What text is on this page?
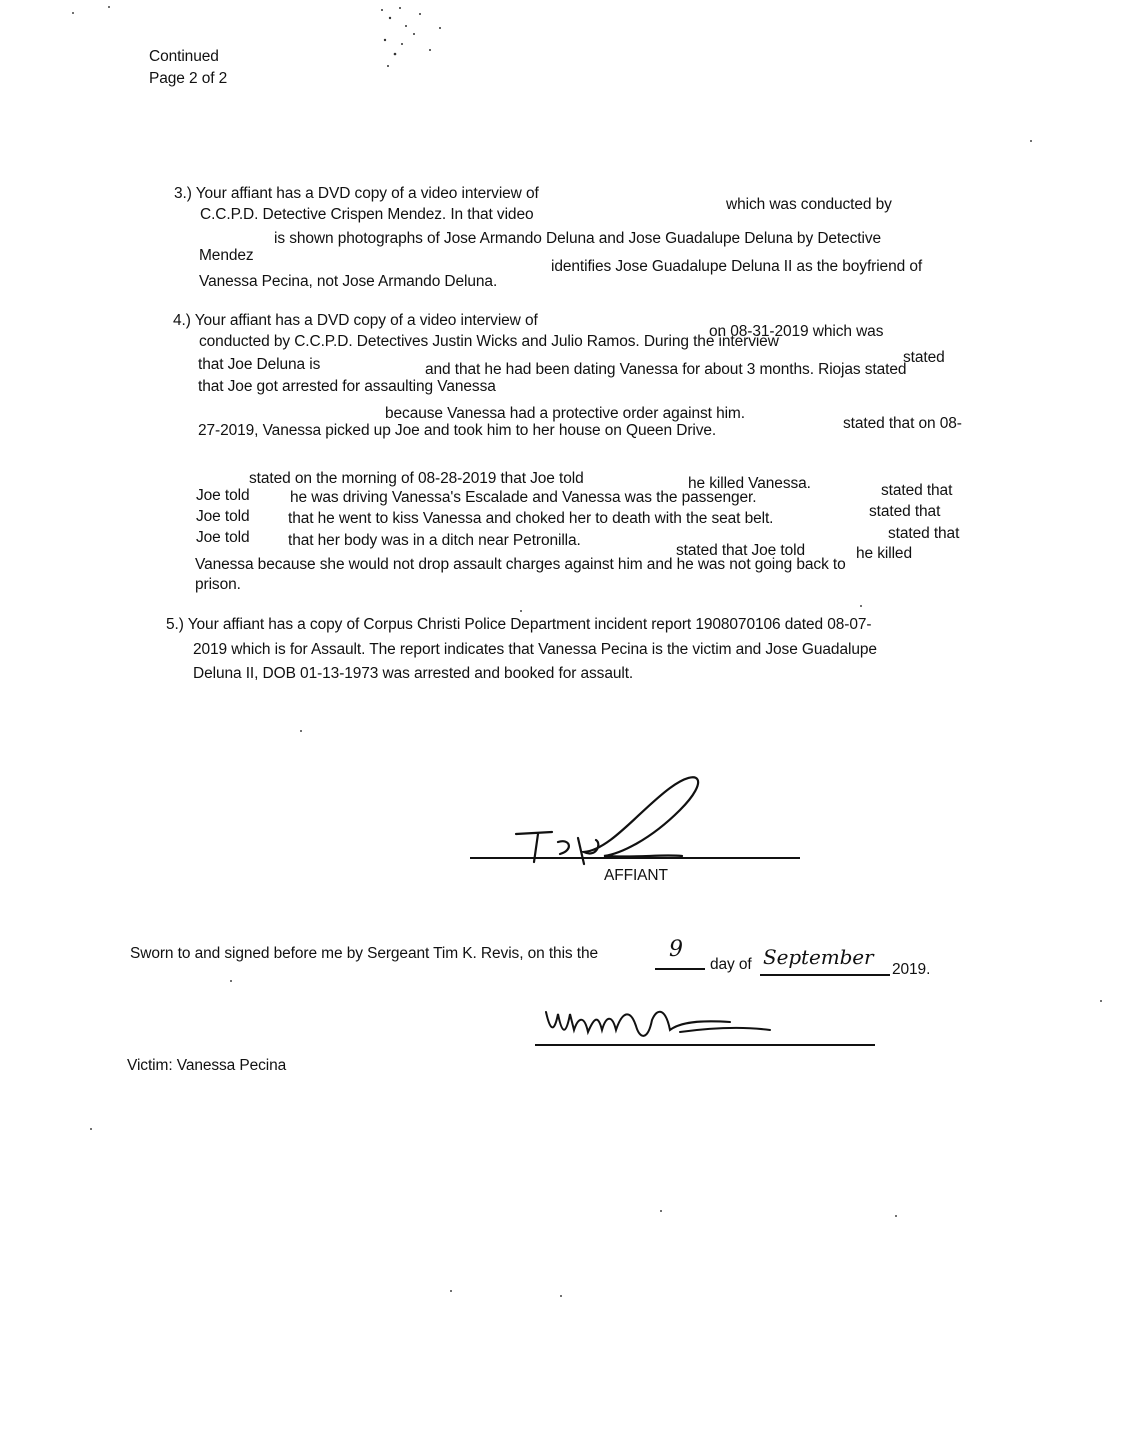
Continued
Page 2 of 2
3.) Your affiant has a DVD copy of a video interview of
which was conducted by
C.C.P.D. Detective Crispen Mendez. In that video
is shown photographs of Jose Armando Deluna and Jose Guadalupe Deluna by Detective
Mendez
identifies Jose Guadalupe Deluna II as the boyfriend of
Vanessa Pecina, not Jose Armando Deluna.
4.) Your affiant has a DVD copy of a video interview of
on 08-31-2019 which was
conducted by C.C.P.D. Detectives Justin Wicks and Julio Ramos. During the interview
stated
that Joe Deluna is	and that he had been dating Vanessa for about 3 months. Riojas stated
that Joe got arrested for assaulting Vanessa
because Vanessa had a protective order against him.
stated that on 08-
27-2019, Vanessa picked up Joe and took him to her house on Queen Drive.
stated on the morning of 08-28-2019 that Joe told	he killed Vanessa.	stated that
Joe told	he was driving Vanessa's Escalade and Vanessa was the passenger.
stated that
Joe told that he went to kiss Vanessa and choked her to death with the seat belt.
stated that
Joe told that her body was in a ditch near Petronilla.
stated that Joe told	he killed
Vanessa because she would not drop assault charges against him and he was not going back to
prison.
5.) Your affiant has a copy of Corpus Christi Police Department incident report 1908070106 dated 08-07-
2019 which is for Assault. The report indicates that Vanessa Pecina is the victim and Jose Guadalupe
Deluna II, DOB 01-13-1973 was arrested and booked for assault.
AFFIANT
Sworn to and signed before me by Sergeant Tim K. Revis, on this the	9
day of September
2019.
Victim: Vanessa Pecina
